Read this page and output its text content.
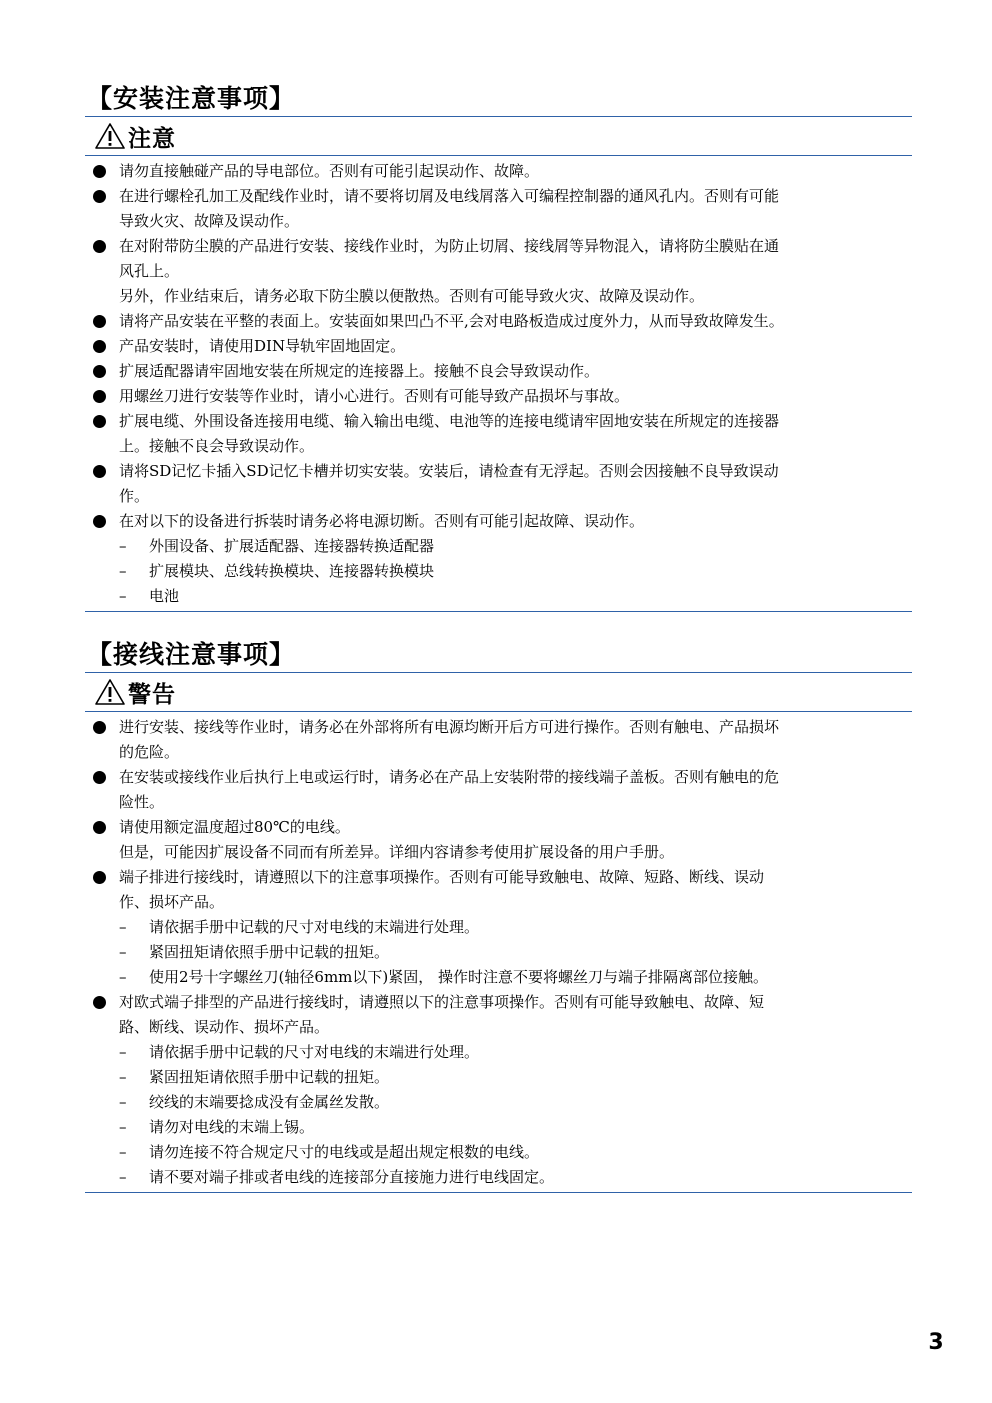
【安装注意事项】
注意
请勿直接触碰产品的导电部位。否则有可能引起误动作、故障。
在进行螺栓孔加工及配线作业时，请不要将切屑及电线屑落入可编程控制器的通风孔内。否则有可能
导致火灾、故障及误动作。
在对附带防尘膜的产品进行安装、接线作业时，为防止切屑、接线屑等异物混入，请将防尘膜贴在通
风孔上。
另外，作业结束后，请务必取下防尘膜以便散热。否则有可能导致火灾、故障及误动作。
请将产品安装在平整的表面上。安装面如果凹凸不平,会对电路板造成过度外力，从而导致故障发生。
产品安装时，请使用DIN导轨牢固地固定。
扩展适配器请牢固地安装在所规定的连接器上。接触不良会导致误动作。
用螺丝刀进行安装等作业时，请小心进行。否则有可能导致产品损坏与事故。
扩展电缆、外围设备连接用电缆、输入输出电缆、电池等的连接电缆请牢固地安装在所规定的连接器
上。接触不良会导致误动作。
请将SD记忆卡插入SD记忆卡槽并切实安装。安装后，请检查有无浮起。否则会因接触不良导致误动
作。
在对以下的设备进行拆装时请务必将电源切断。否则有可能引起故障、误动作。
– 外围设备、扩展适配器、连接器转换适配器
– 扩展模块、总线转换模块、连接器转换模块
– 电池
【接线注意事项】
警告
进行安装、接线等作业时，请务必在外部将所有电源均断开后方可进行操作。否则有触电、产品损坏
的危险。
在安装或接线作业后执行上电或运行时，请务必在产品上安装附带的接线端子盖板。否则有触电的危
险性。
请使用额定温度超过80℃的电线。
但是，可能因扩展设备不同而有所差异。详细内容请参考使用扩展设备的用户手册。
端子排进行接线时，请遵照以下的注意事项操作。否则有可能导致触电、故障、短路、断线、误动
作、损坏产品。
– 请依据手册中记载的尺寸对电线的末端进行处理。
– 紧固扭矩请依照手册中记载的扭矩。
– 使用2号十字螺丝刀(轴径6mm以下)紧固， 操作时注意不要将螺丝刀与端子排隔离部位接触。
对欧式端子排型的产品进行接线时，请遵照以下的注意事项操作。否则有可能导致触电、故障、短
路、断线、误动作、损坏产品。
– 请依据手册中记载的尺寸对电线的末端进行处理。
– 紧固扭矩请依照手册中记载的扭矩。
– 绞线的末端要捻成没有金属丝发散。
– 请勿对电线的末端上锡。
– 请勿连接不符合规定尺寸的电线或是超出规定根数的电线。
– 请不要对端子排或者电线的连接部分直接施力进行电线固定。
3
